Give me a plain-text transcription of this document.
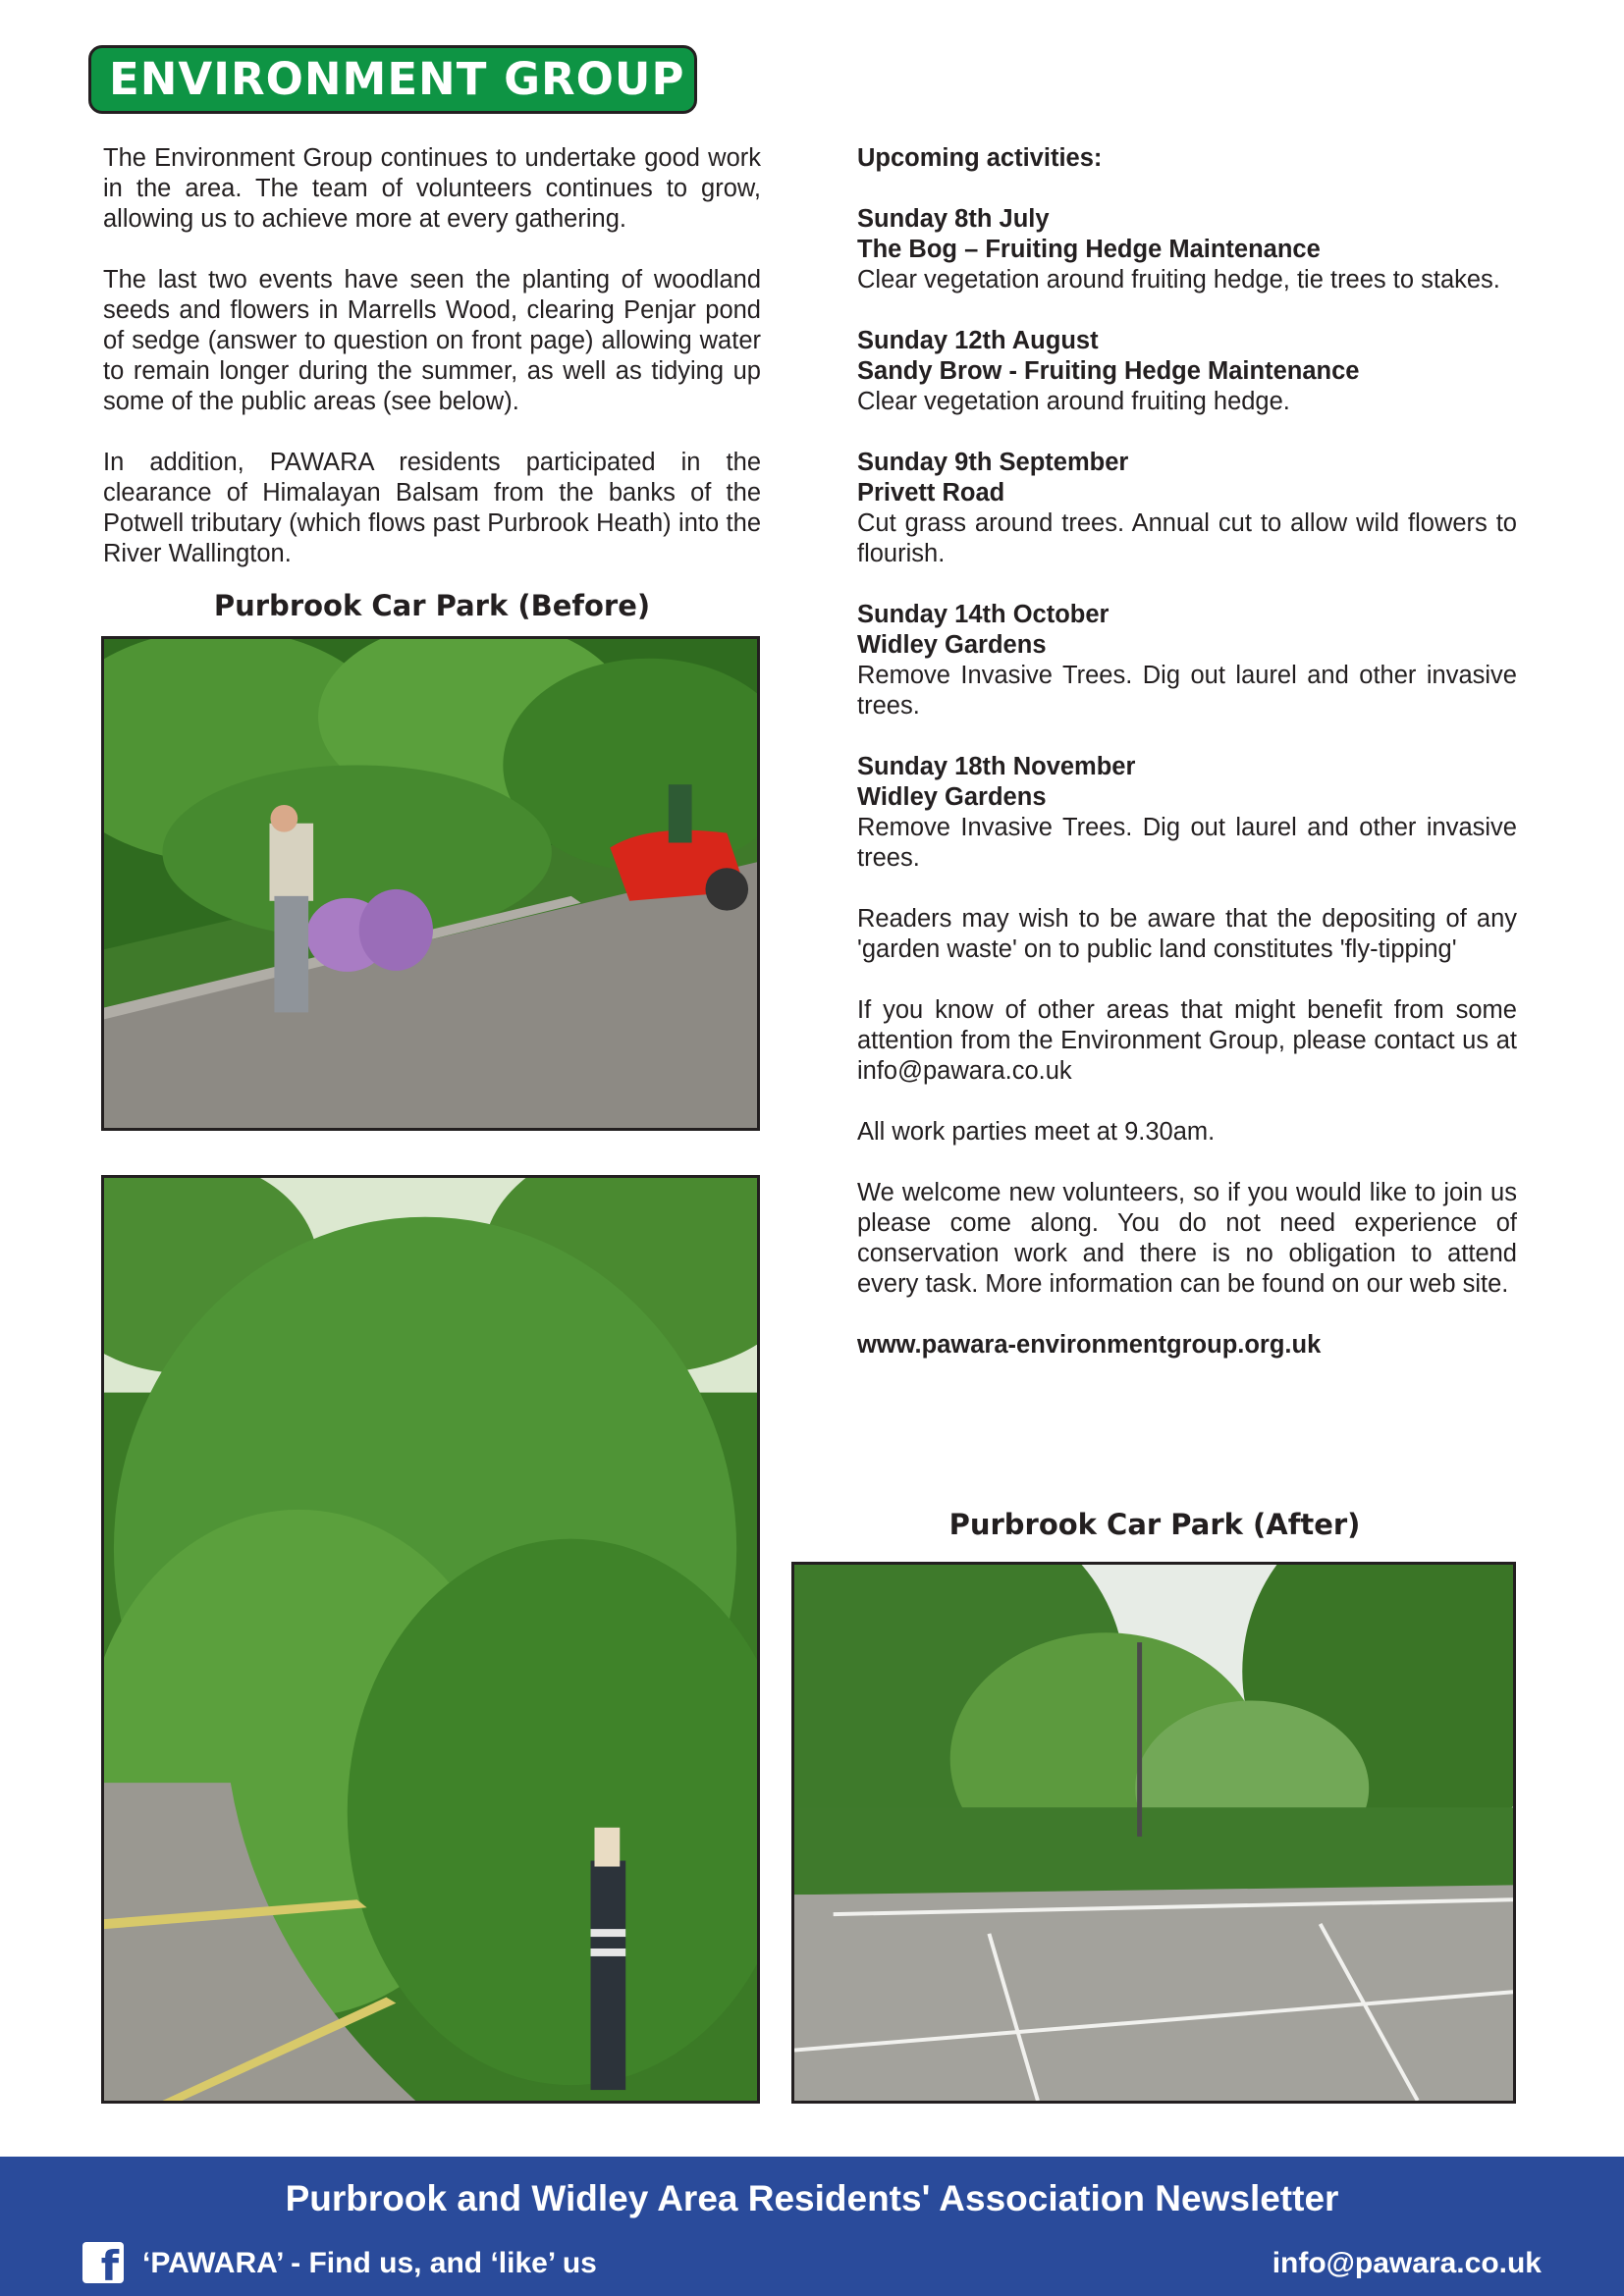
ENVIRONMENT GROUP

The Environment Group continues to undertake good work in the area. The team of volunteers continues to grow, allowing us to achieve more at every gathering.

The last two events have seen the planting of woodland seeds and flowers in Marrells Wood, clearing Penjar pond of sedge (answer to question on front page) allowing water to remain longer during the summer, as well as tidying up some of the public areas (see below).

In addition, PAWARA residents participated in the clearance of Himalayan Balsam from the banks of the Potwell tributary (which flows past Purbrook Heath) into the River Wallington.

Purbrook Car Park (Before)
Upcoming activities:
Sunday 8th July
The Bog – Fruiting Hedge Maintenance
Clear vegetation around fruiting hedge, tie trees to stakes.
Sunday 12th August
Sandy Brow - Fruiting Hedge Maintenance
Clear vegetation around fruiting hedge.
Sunday 9th September
Privett Road
Cut grass around trees. Annual cut to allow wild flowers to flourish.
Sunday 14th October
Widley Gardens
Remove Invasive Trees. Dig out laurel and other invasive trees.
Sunday 18th November
Widley Gardens
Remove Invasive Trees. Dig out laurel and other invasive trees.

Readers may wish to be aware that the depositing of any 'garden waste' on to public land constitutes 'fly-tipping'

If you know of other areas that might benefit from some attention from the Environment Group, please contact us at info@pawara.co.uk

All work parties meet at 9.30am.

We welcome new volunteers, so if you would like to join us please come along. You do not need experience of conservation work and there is no obligation to attend every task. More information can be found on our web site.

www.pawara-environmentgroup.org.uk
Purbrook Car Park (After)
Purbrook and Widley Area Residents' Association Newsletter
f ‘PAWARA’ - Find us, and ‘like’ us	info@pawara.co.uk
